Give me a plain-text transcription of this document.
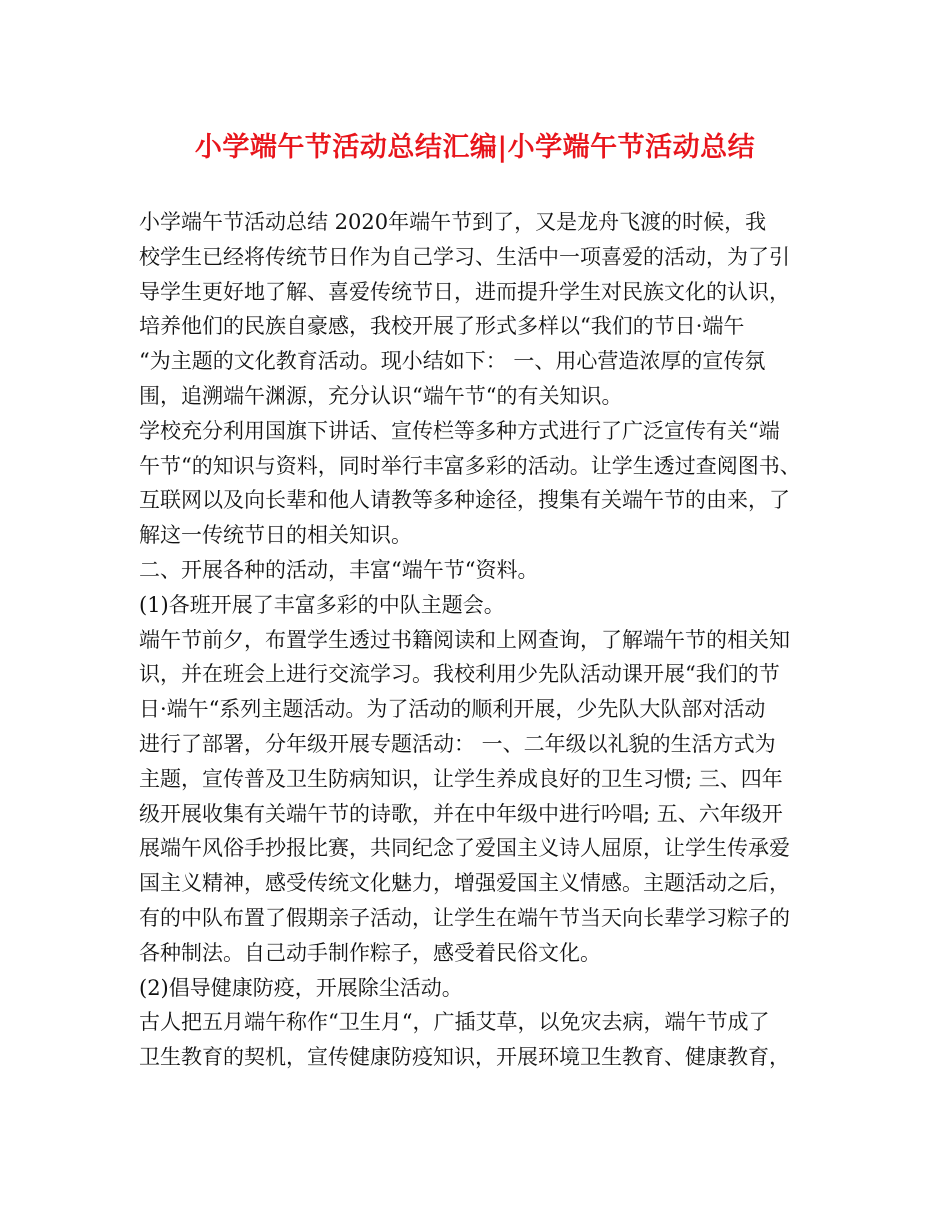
小学端午节活动总结汇编|小学端午节活动总结
小学端午节活动总结 2020年端午节到了，又是龙舟飞渡的时候，我
校学生已经将传统节日作为自己学习、生活中一项喜爱的活动，为了引
导学生更好地了解、喜爱传统节日，进而提升学生对民族文化的认识，
培养他们的民族自豪感，我校开展了形式多样以“我们的节日·端午
“为主题的文化教育活动。现小结如下： 一、用心营造浓厚的宣传氛
围，追溯端午渊源，充分认识“端午节“的有关知识。
学校充分利用国旗下讲话、宣传栏等多种方式进行了广泛宣传有关“端
午节“的知识与资料，同时举行丰富多彩的活动。让学生透过查阅图书、
互联网以及向长辈和他人请教等多种途径，搜集有关端午节的由来，了
解这一传统节日的相关知识。
二、开展各种的活动，丰富“端午节“资料。
(1)各班开展了丰富多彩的中队主题会。
端午节前夕，布置学生透过书籍阅读和上网查询，了解端午节的相关知
识，并在班会上进行交流学习。我校利用少先队活动课开展“我们的节
日·端午“系列主题活动。为了活动的顺利开展，少先队大队部对活动
进行了部署，分年级开展专题活动： 一、二年级以礼貌的生活方式为
主题，宣传普及卫生防病知识，让学生养成良好的卫生习惯; 三、四年
级开展收集有关端午节的诗歌，并在中年级中进行吟唱; 五、六年级开
展端午风俗手抄报比赛，共同纪念了爱国主义诗人屈原，让学生传承爱
国主义精神，感受传统文化魅力，增强爱国主义情感。主题活动之后，
有的中队布置了假期亲子活动，让学生在端午节当天向长辈学习粽子的
各种制法。自己动手制作粽子，感受着民俗文化。
(2)倡导健康防疫，开展除尘活动。
古人把五月端午称作“卫生月“，广插艾草，以免灾去病，端午节成了
卫生教育的契机，宣传健康防疫知识，开展环境卫生教育、健康教育，
